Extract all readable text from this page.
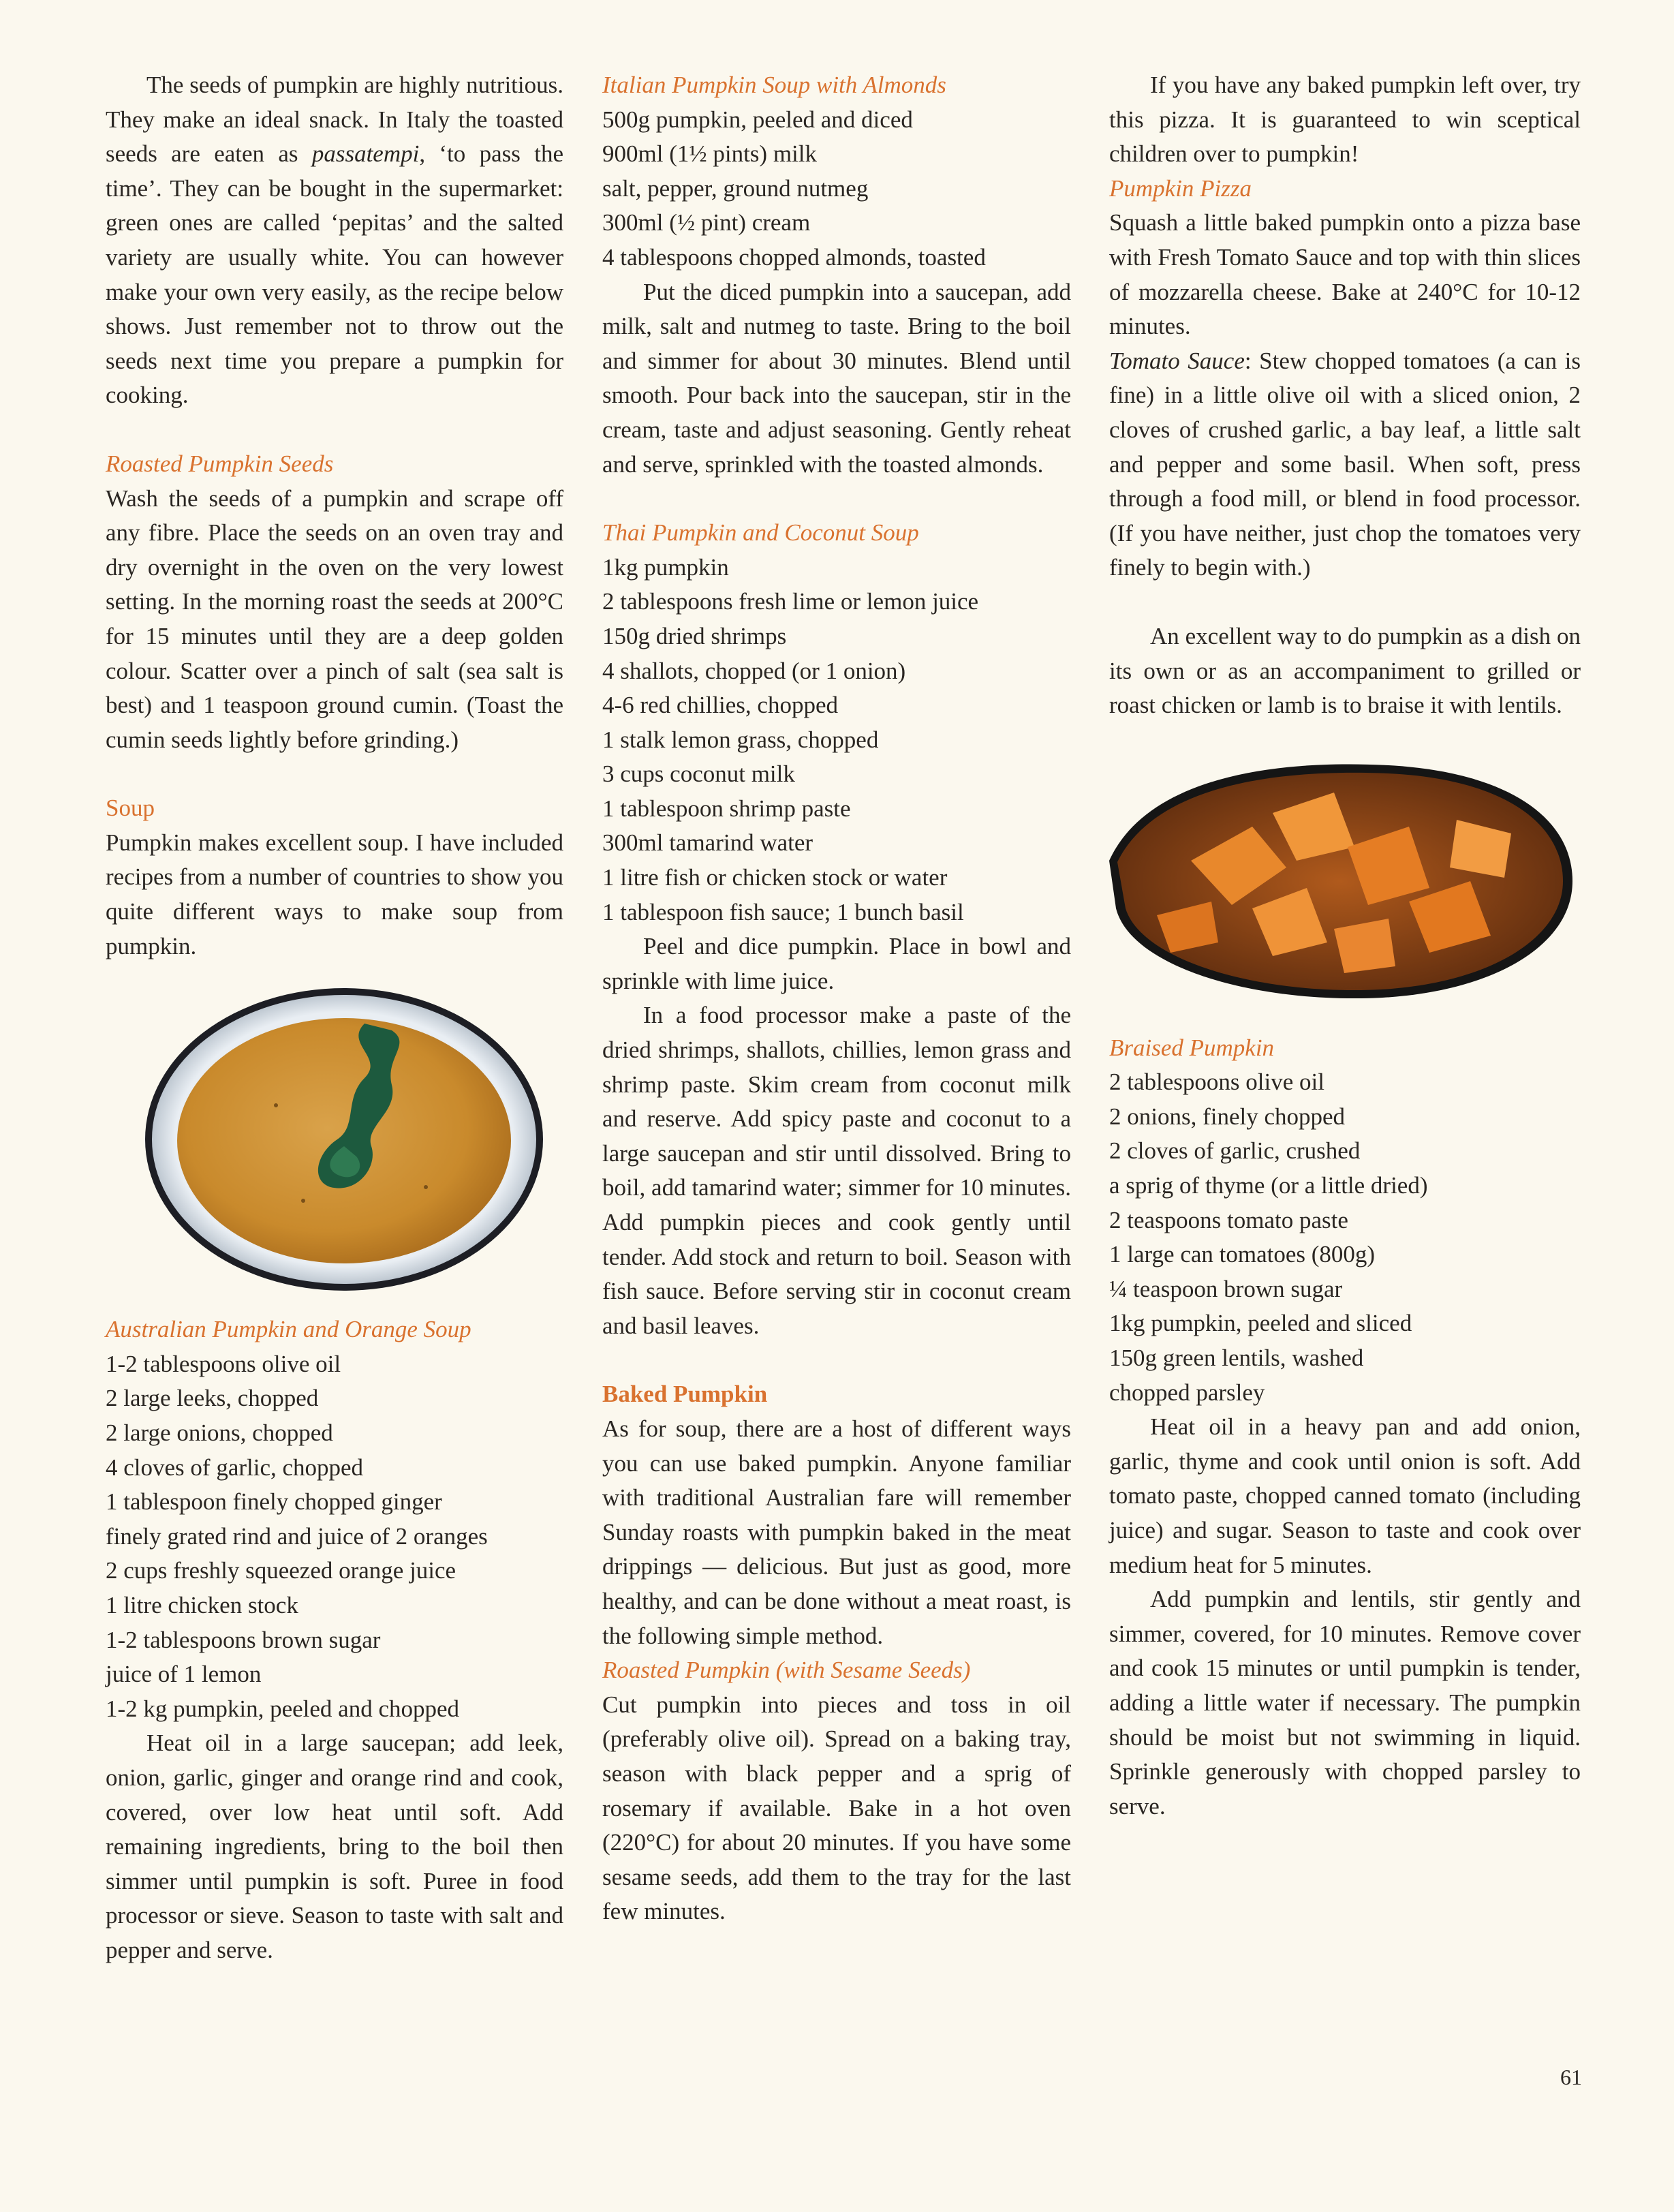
The seeds of pumpkin are highly nutritious. They make an ideal snack. In Italy the toasted seeds are eaten as passatempi, ‘to pass the time’. They can be bought in the supermarket: green ones are called ‘pepitas’ and the salted variety are usually white. You can however make your own very easily, as the recipe below shows. Just remember not to throw out the seeds next time you prepare a pumpkin for cooking.

Roasted Pumpkin Seeds

Wash the seeds of a pumpkin and scrape off any fibre. Place the seeds on an oven tray and dry overnight in the oven on the very lowest setting. In the morning roast the seeds at 200°C for 15 minutes until they are a deep golden colour. Scatter over a pinch of salt (sea salt is best) and 1 teaspoon ground cumin. (Toast the cumin seeds lightly before grinding.)

Soup

Pumpkin makes excellent soup. I have included recipes from a number of countries to show you quite different ways to make soup from pumpkin.

Australian Pumpkin and Orange Soup

1-2 tablespoons olive oil

2 large leeks, chopped

2 large onions, chopped

4 cloves of garlic, chopped

1 tablespoon finely chopped ginger

finely grated rind and juice of 2 oranges

2 cups freshly squeezed orange juice

1 litre chicken stock

1-2 tablespoons brown sugar

juice of 1 lemon

1-2 kg pumpkin, peeled and chopped

Heat oil in a large saucepan; add leek, onion, garlic, ginger and orange rind and cook, covered, over low heat until soft. Add remaining ingredients, bring to the boil then simmer until pumpkin is soft. Puree in food processor or sieve. Season to taste with salt and pepper and serve.

Italian Pumpkin Soup with Almonds

500g pumpkin, peeled and diced

900ml (1½ pints) milk

salt, pepper, ground nutmeg

300ml (½ pint) cream

4 tablespoons chopped almonds, toasted

Put the diced pumpkin into a saucepan, add milk, salt and nutmeg to taste. Bring to the boil and simmer for about 30 minutes. Blend until smooth. Pour back into the saucepan, stir in the cream, taste and adjust seasoning. Gently reheat and serve, sprinkled with the toasted almonds.

Thai Pumpkin and Coconut Soup

1kg pumpkin

2 tablespoons fresh lime or lemon juice

150g dried shrimps

4 shallots, chopped (or 1 onion)

4-6 red chillies, chopped

1 stalk lemon grass, chopped

3 cups coconut milk

1 tablespoon shrimp paste

300ml tamarind water

1 litre fish or chicken stock or water

1 tablespoon fish sauce; 1 bunch basil

Peel and dice pumpkin. Place in bowl and sprinkle with lime juice.

In a food processor make a paste of the dried shrimps, shallots, chillies, lemon grass and shrimp paste. Skim cream from coconut milk and reserve. Add spicy paste and coconut to a large saucepan and stir until dissolved. Bring to boil, add tamarind water; simmer for 10 minutes. Add pumpkin pieces and cook gently until tender. Add stock and return to boil. Season with fish sauce. Before serving stir in coconut cream and basil leaves.

Baked Pumpkin

As for soup, there are a host of different ways you can use baked pumpkin. Anyone familiar with traditional Australian fare will remember Sunday roasts with pumpkin baked in the meat drippings — delicious. But just as good, more healthy, and can be done without a meat roast, is the following simple method.

Roasted Pumpkin (with Sesame Seeds)

Cut pumpkin into pieces and toss in oil (preferably olive oil). Spread on a baking tray, season with black pepper and a sprig of rosemary if available. Bake in a hot oven (220°C) for about 20 minutes. If you have some sesame seeds, add them to the tray for the last few minutes.

If you have any baked pumpkin left over, try this pizza. It is guaranteed to win sceptical children over to pumpkin!

Pumpkin Pizza

Squash a little baked pumpkin onto a pizza base with Fresh Tomato Sauce and top with thin slices of mozzarella cheese. Bake at 240°C for 10-12 minutes.

Tomato Sauce: Stew chopped tomatoes (a can is fine) in a little olive oil with a sliced onion, 2 cloves of crushed garlic, a bay leaf, a little salt and pepper and some basil. When soft, press through a food mill, or blend in food processor. (If you have neither, just chop the tomatoes very finely to begin with.)

An excellent way to do pumpkin as a dish on its own or as an accompaniment to grilled or roast chicken or lamb is to braise it with lentils.

Braised Pumpkin

2 tablespoons olive oil

2 onions, finely chopped

2 cloves of garlic, crushed

a sprig of thyme (or a little dried)

2 teaspoons tomato paste

1 large can tomatoes (800g)

¼ teaspoon brown sugar

1kg pumpkin, peeled and sliced

150g green lentils, washed

chopped parsley

Heat oil in a heavy pan and add onion, garlic, thyme and cook until onion is soft. Add tomato paste, chopped canned tomato (including juice) and sugar. Season to taste and cook over medium heat for 5 minutes.

Add pumpkin and lentils, stir gently and simmer, covered, for 10 minutes. Remove cover and cook 15 minutes or until pumpkin is tender, adding a little water if necessary. The pumpkin should be moist but not swimming in liquid. Sprinkle generously with chopped parsley to serve.

61
